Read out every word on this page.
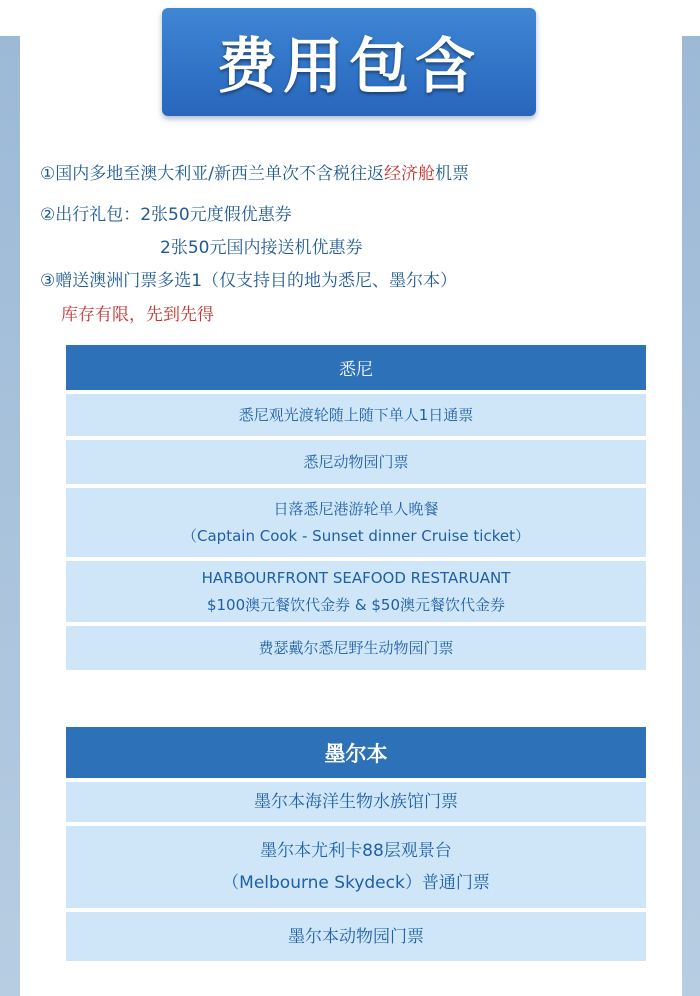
费用包含
①国内多地至澳大利亚/新西兰单次不含税往返经济舱机票
②出行礼包：2张50元度假优惠券
2张50元国内接送机优惠券
③赠送澳洲门票多选1（仅支持目的地为悉尼、墨尔本）
库存有限，先到先得
悉尼
悉尼观光渡轮随上随下单人1日通票
悉尼动物园门票
日落悉尼港游轮单人晚餐
（Captain Cook - Sunset dinner Cruise ticket）
HARBOURFRONT SEAFOOD RESTARUANT
$100澳元餐饮代金券 & $50澳元餐饮代金券
费瑟戴尔悉尼野生动物园门票
墨尔本
墨尔本海洋生物水族馆门票
墨尔本尤利卡88层观景台
（Melbourne Skydeck）普通门票
墨尔本动物园门票
